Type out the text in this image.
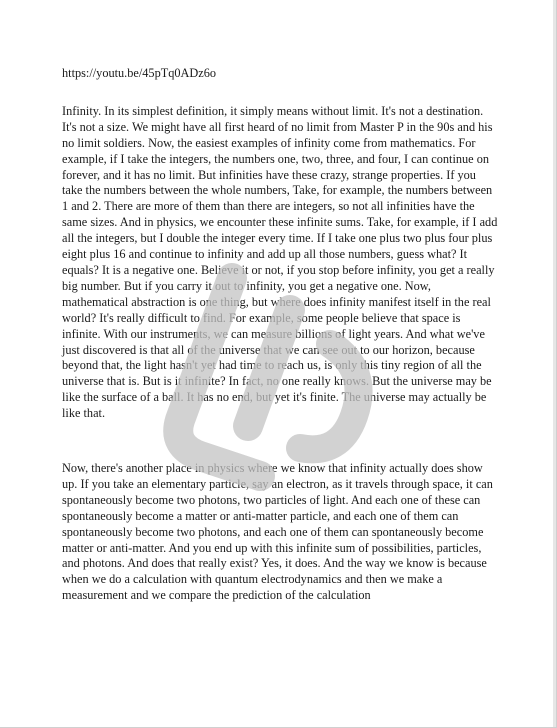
https://youtu.be/45pTq0ADz6o

Infinity. In its simplest definition, it simply means without limit. It's not a destination. It's not a size. We might have all first heard of no limit from Master P in the 90s and his no limit soldiers. Now, the easiest examples of infinity come from mathematics. For example, if I take the integers, the numbers one, two, three, and four, I can continue on forever, and it has no limit. But infinities have these crazy, strange properties. If you take the numbers between the whole numbers, Take, for example, the numbers between 1 and 2. There are more of them than there are integers, so not all infinities have the same sizes. And in physics, we encounter these infinite sums. Take, for example, if I add all the integers, but I double the integer every time. If I take one plus two plus four plus eight plus 16 and continue to infinity and add up all those numbers, guess what? It equals? It is a negative one. Believe it or not, if you stop before infinity, you get a really big number. But if you carry it out to infinity, you get a negative one. Now, mathematical abstraction is one thing, but where does infinity manifest itself in the real world? It's really difficult to find. For example, some people believe that space is infinite. With our instruments, we can measure billions of light years. And what we've just discovered is that all of the universe that we can see out to our horizon, because beyond that, the light hasn't yet had time to reach us, is only this tiny region of all the universe that is. But is it infinite? In fact, no one really knows. But the universe may be like the surface of a ball. It has no end, but yet it's finite. The universe may actually be like that.

Now, there's another place in physics where we know that infinity actually does show up. If you take an elementary particle, say an electron, as it travels through space, it can spontaneously become two photons, two particles of light. And each one of these can spontaneously become a matter or anti-matter particle, and each one of them can spontaneously become two photons, and each one of them can spontaneously become matter or anti-matter. And you end up with this infinite sum of possibilities, particles, and photons. And does that really exist? Yes, it does. And the way we know is because when we do a calculation with quantum electrodynamics and then we make a measurement and we compare the prediction of the calculation
